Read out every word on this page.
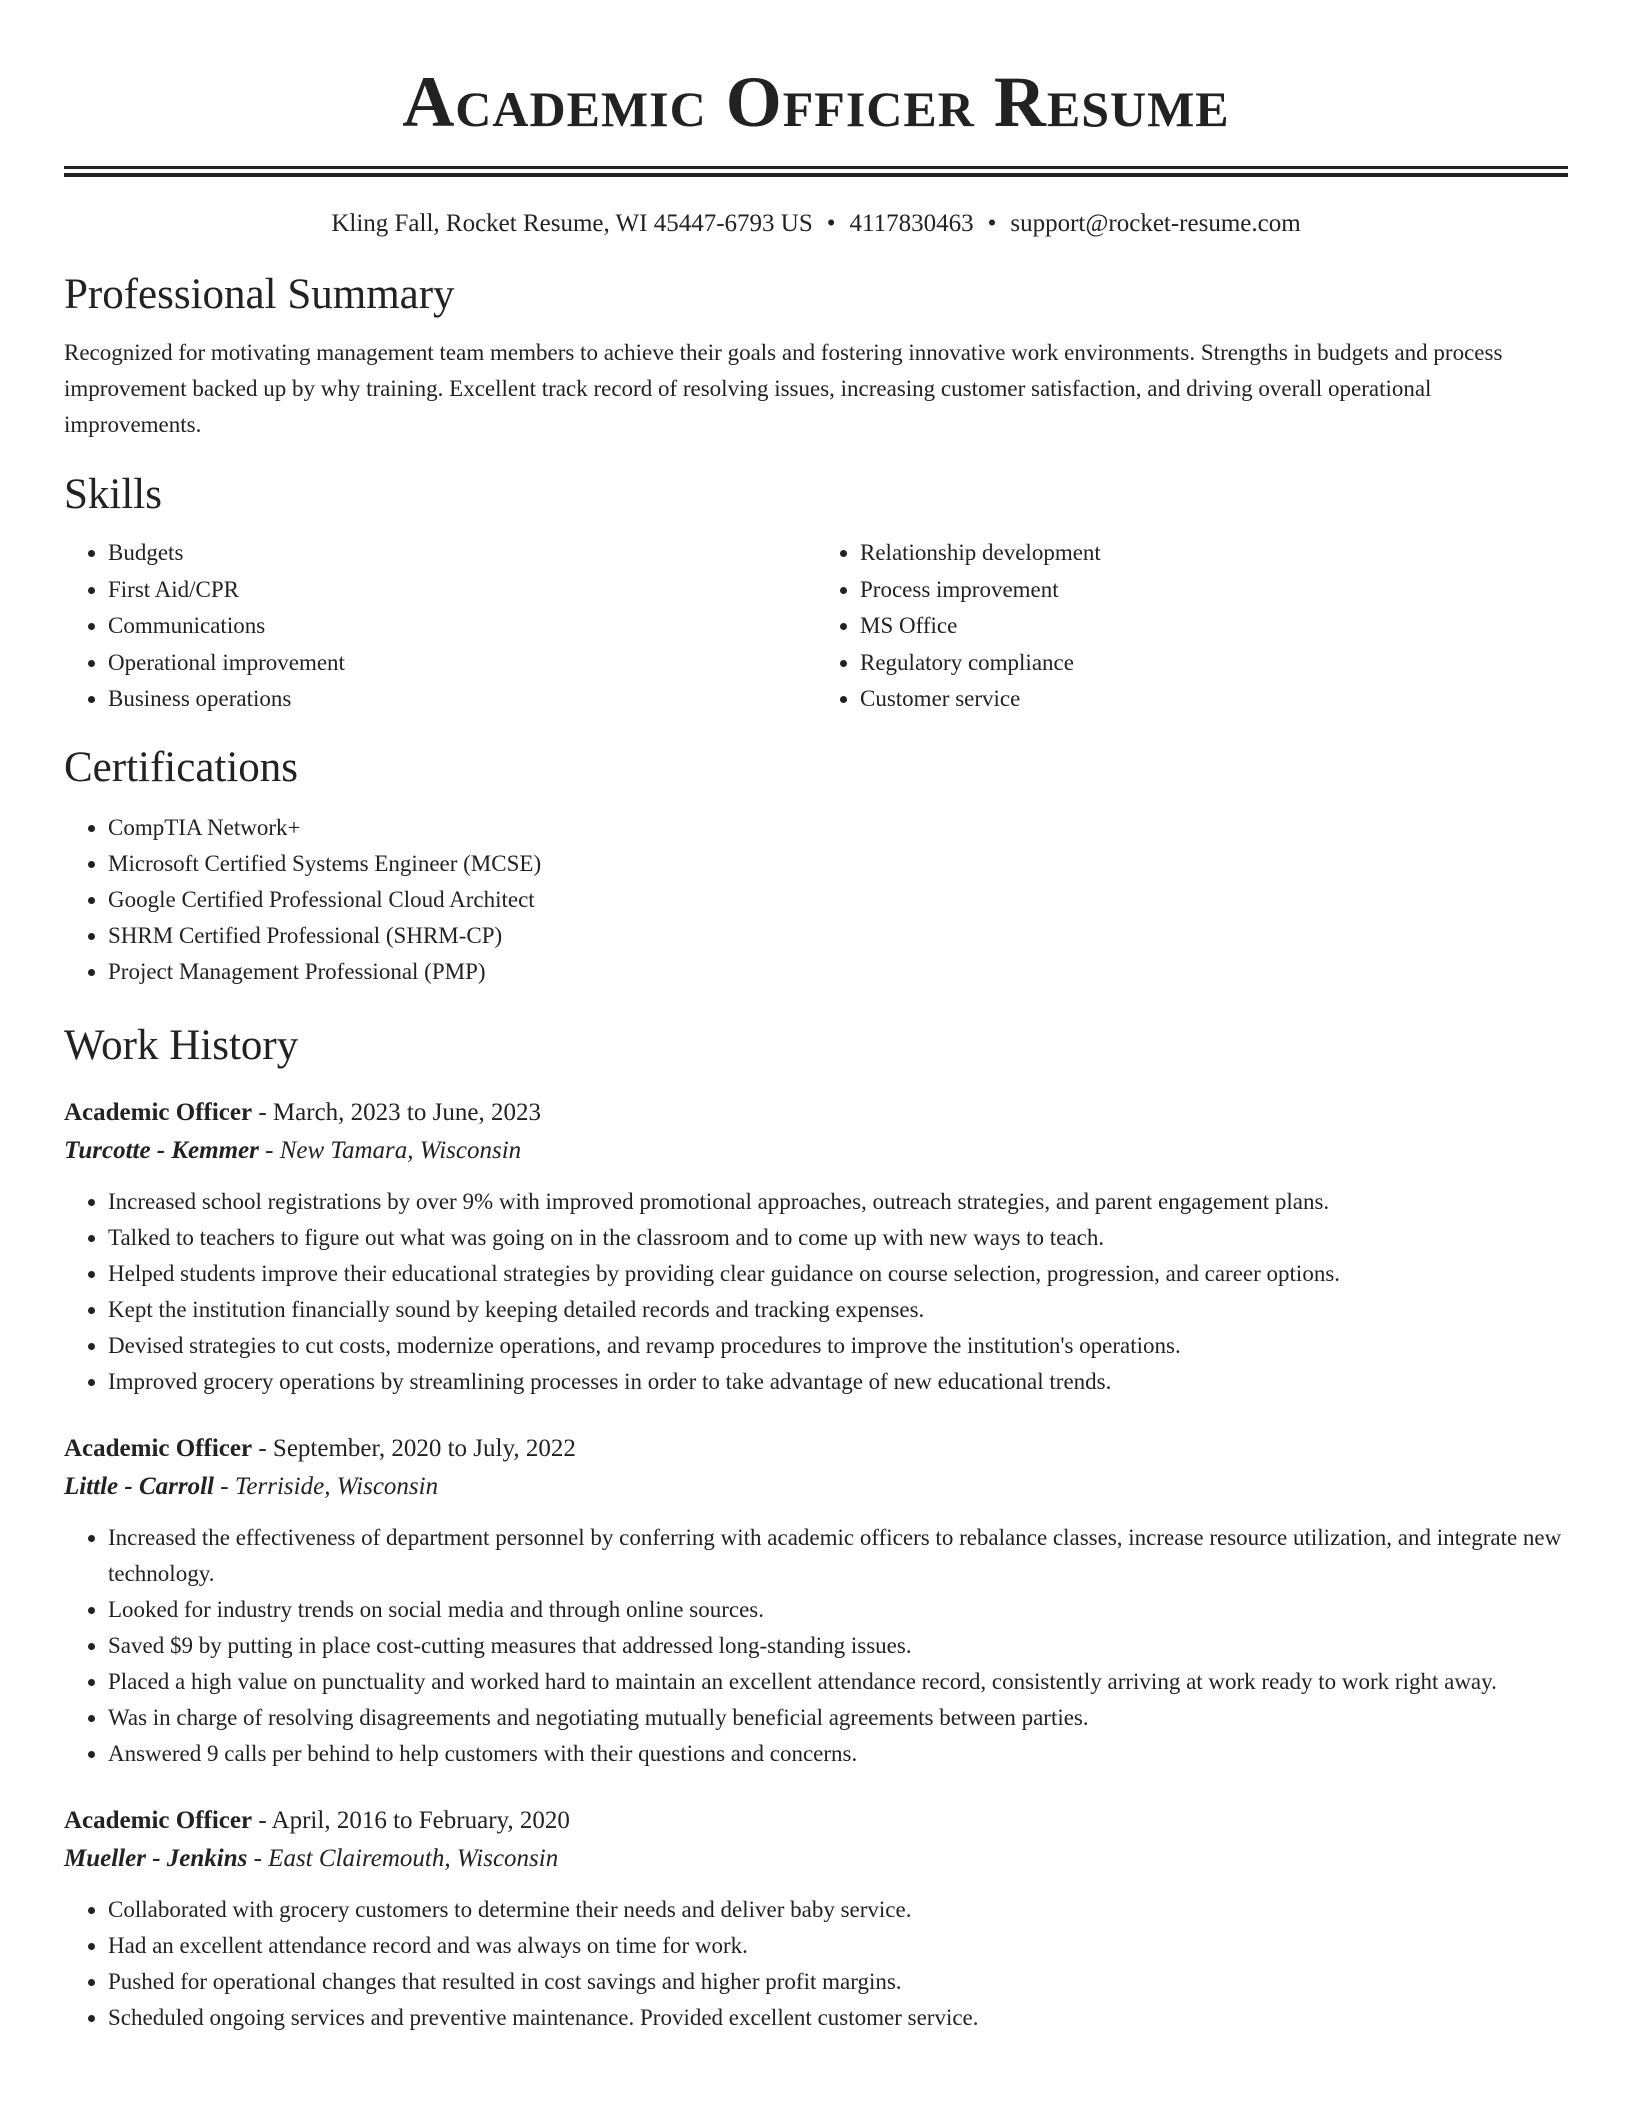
Academic Officer Resume
Kling Fall, Rocket Resume, WI 45447-6793 US • 4117830463 • support@rocket-resume.com
Professional Summary

Recognized for motivating management team members to achieve their goals and fostering innovative work environments. Strengths in budgets and process improvement backed up by why training. Excellent track record of resolving issues, increasing customer satisfaction, and driving overall operational improvements.

Skills
• Budgets
• First Aid/CPR
• Communications
• Operational improvement
• Business operations
• Relationship development
• Process improvement
• MS Office
• Regulatory compliance
• Customer service
Certifications
• CompTIA Network+
• Microsoft Certified Systems Engineer (MCSE)
• Google Certified Professional Cloud Architect
• SHRM Certified Professional (SHRM-CP)
• Project Management Professional (PMP)
Work History
Academic Officer - March, 2023 to June, 2023
Turcotte - Kemmer - New Tamara, Wisconsin
• Increased school registrations by over 9% with improved promotional approaches, outreach strategies, and parent engagement plans.
• Talked to teachers to figure out what was going on in the classroom and to come up with new ways to teach.
• Helped students improve their educational strategies by providing clear guidance on course selection, progression, and career options.
• Kept the institution financially sound by keeping detailed records and tracking expenses.
• Devised strategies to cut costs, modernize operations, and revamp procedures to improve the institution's operations.
• Improved grocery operations by streamlining processes in order to take advantage of new educational trends.
Academic Officer - September, 2020 to July, 2022
Little - Carroll - Terriside, Wisconsin
• Increased the effectiveness of department personnel by conferring with academic officers to rebalance classes, increase resource utilization, and integrate new technology.
• Looked for industry trends on social media and through online sources.
• Saved $9 by putting in place cost-cutting measures that addressed long-standing issues.
• Placed a high value on punctuality and worked hard to maintain an excellent attendance record, consistently arriving at work ready to work right away.
• Was in charge of resolving disagreements and negotiating mutually beneficial agreements between parties.
• Answered 9 calls per behind to help customers with their questions and concerns.
Academic Officer - April, 2016 to February, 2020
Mueller - Jenkins - East Clairemouth, Wisconsin
• Collaborated with grocery customers to determine their needs and deliver baby service.
• Had an excellent attendance record and was always on time for work.
• Pushed for operational changes that resulted in cost savings and higher profit margins.
• Scheduled ongoing services and preventive maintenance. Provided excellent customer service.
